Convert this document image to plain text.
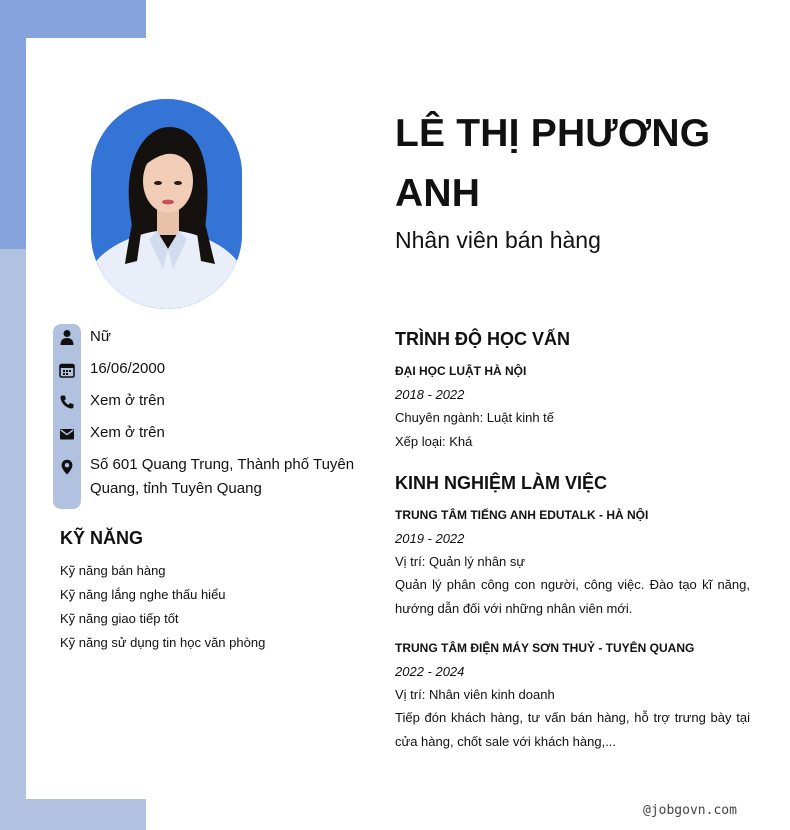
LÊ THỊ PHƯƠNG ANH
Nhân viên bán hàng
Nữ
16/06/2000
Xem ở trên
Xem ở trên
Số 601 Quang Trung, Thành phố Tuyên
Quang, tỉnh Tuyên Quang
KỸ NĂNG
Kỹ năng bán hàng
Kỹ năng lắng nghe thấu hiểu
Kỹ năng giao tiếp tốt
Kỹ năng sử dụng tin học văn phòng
TRÌNH ĐỘ HỌC VẤN
ĐẠI HỌC LUẬT HÀ NỘI
2018 - 2022
Chuyên ngành: Luật kinh tế
Xếp loại: Khá
KINH NGHIỆM LÀM VIỆC
TRUNG TÂM TIẾNG ANH EDUTALK - HÀ NỘI
2019 - 2022
Vị trí: Quản lý nhân sự
Quản lý phân công con người, công việc. Đào tạo kĩ năng, hướng dẫn đối với những nhân viên mới.
TRUNG TÂM ĐIỆN MÁY SƠN THUỶ - TUYÊN QUANG
2022 - 2024
Vị trí: Nhân viên kinh doanh
Tiếp đón khách hàng, tư vấn bán hàng, hỗ trợ trưng bày tại cửa hàng, chốt sale với khách hàng,...
@jobgovn.com
